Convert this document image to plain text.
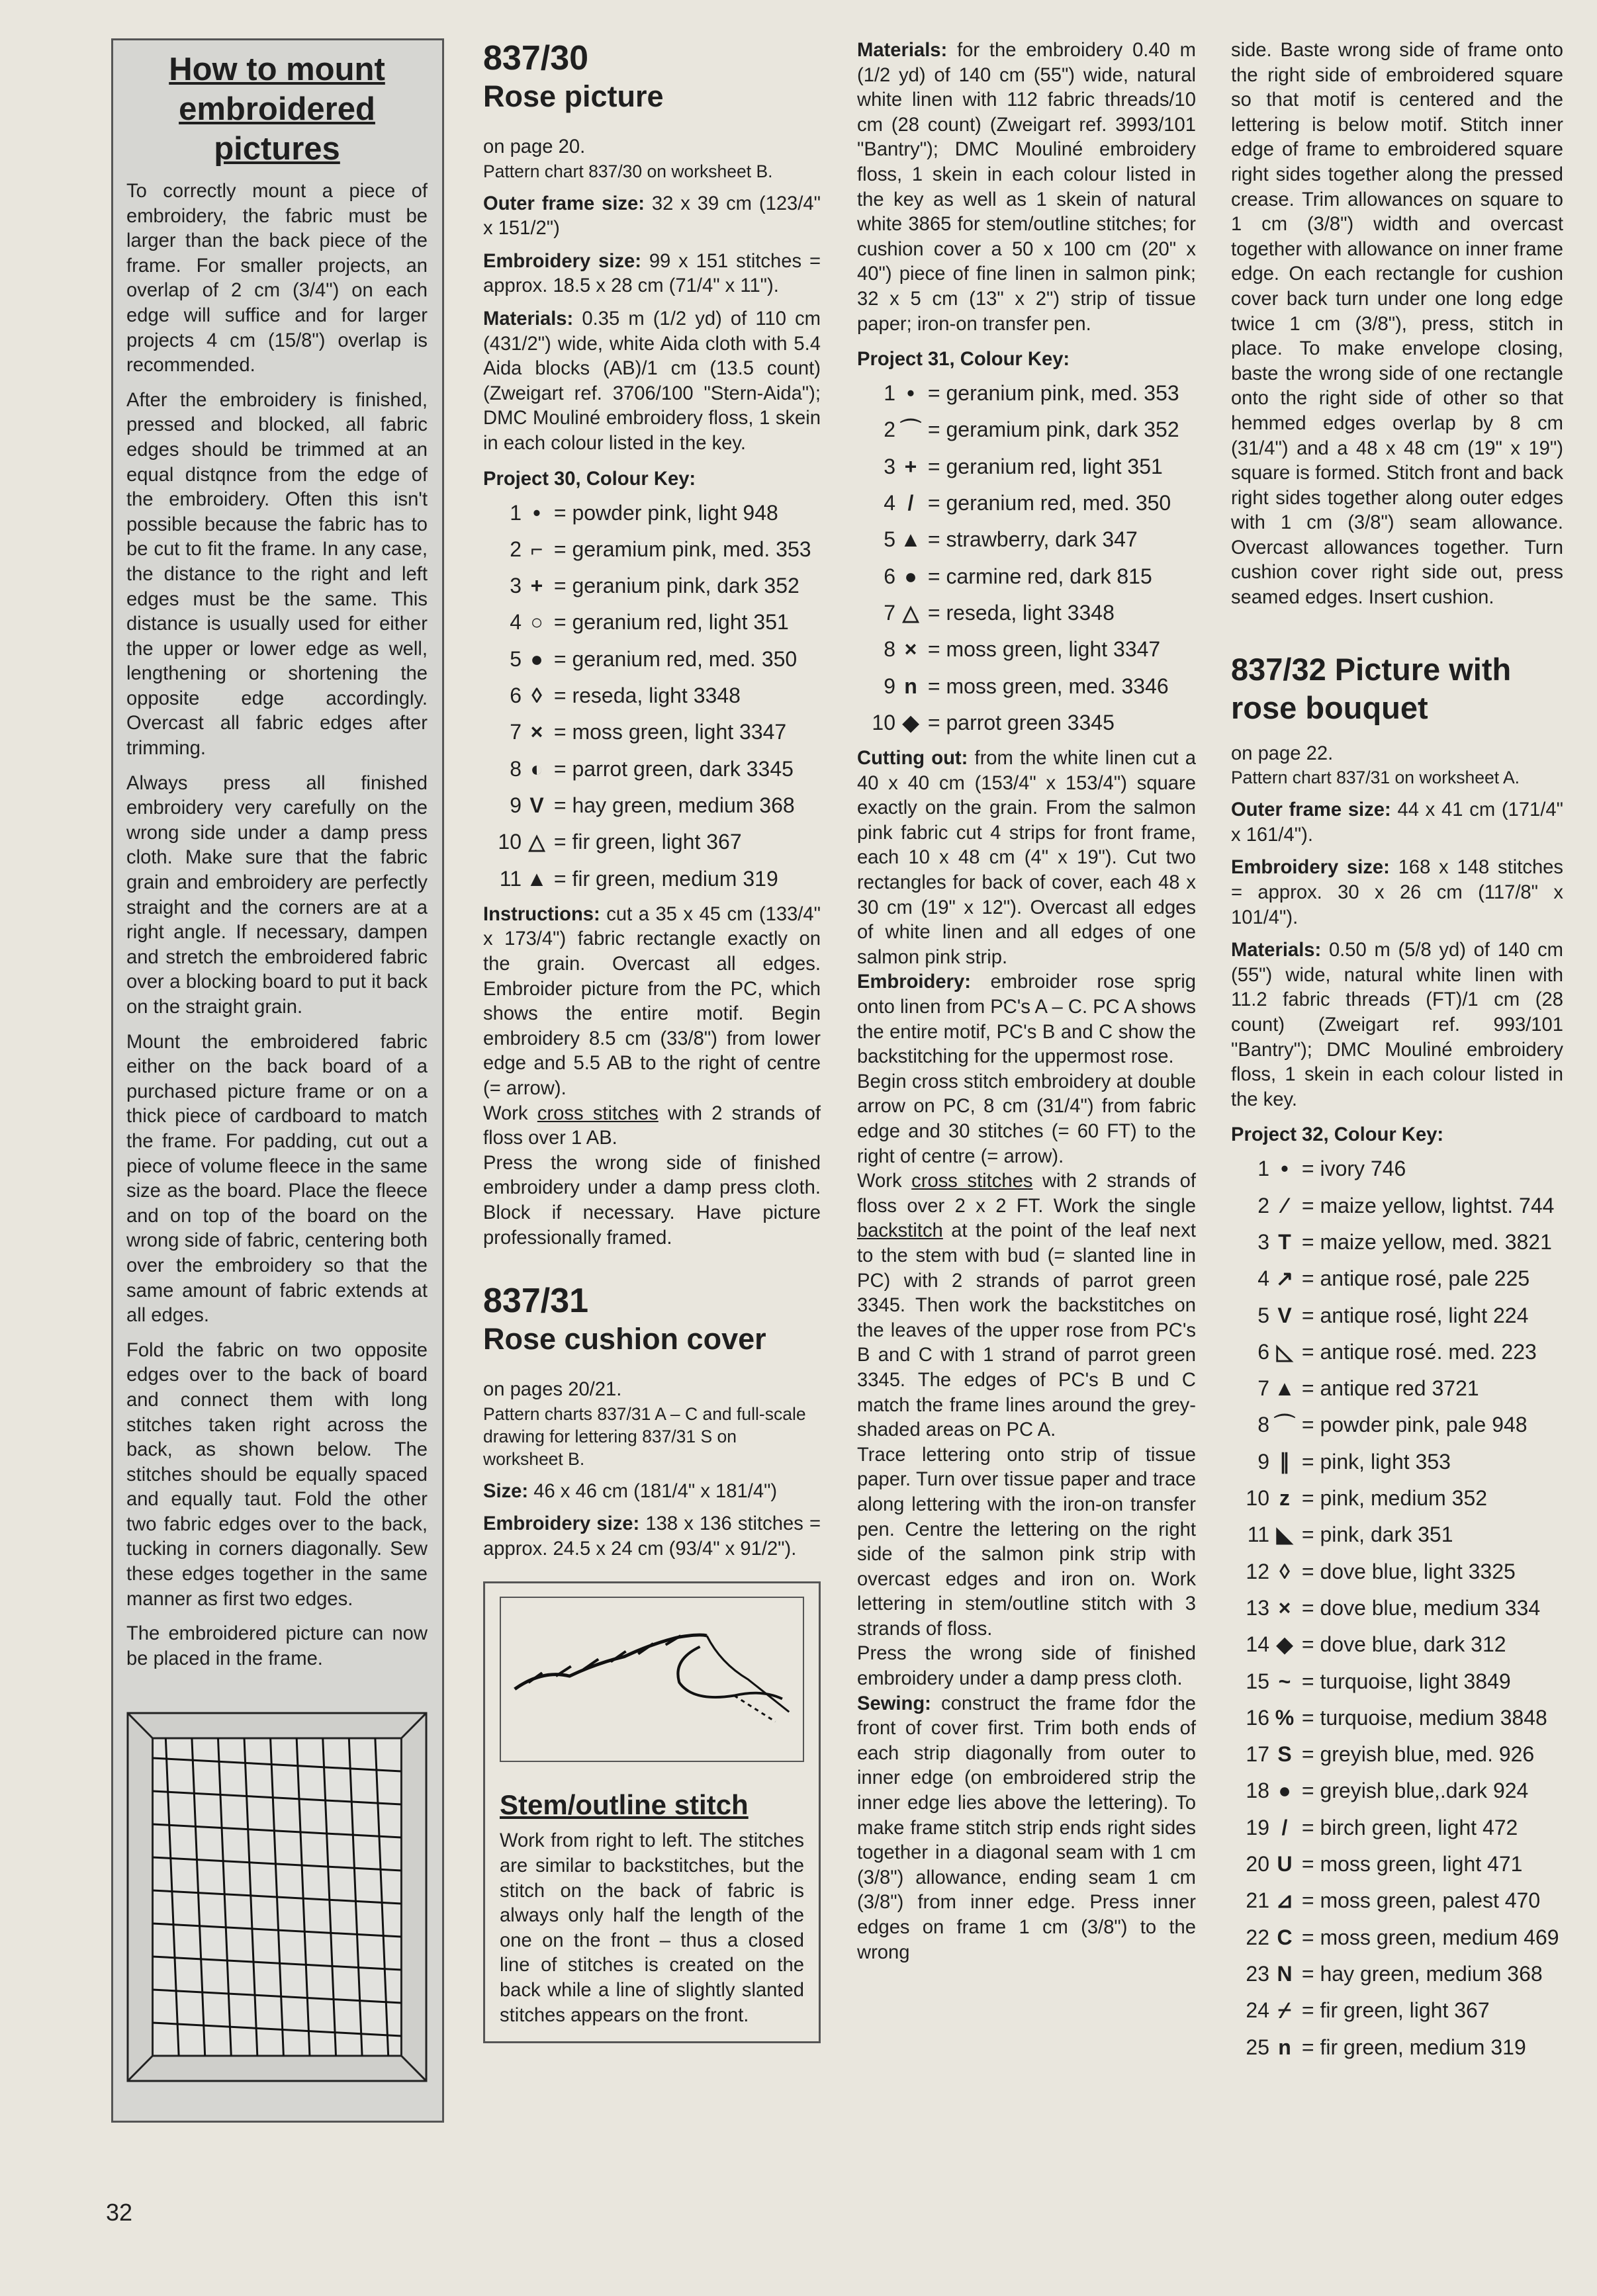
How to mount embroidered pictures

To correctly mount a piece of embroidery, the fabric must be larger than the back piece of the frame. For smaller projects, an overlap of 2 cm (3/4") on each edge will suffice and for larger projects 4 cm (15/8") overlap is recommended.

After the embroidery is finished, pressed and blocked, all fabric edges should be trimmed at an equal distqnce from the edge of the embroidery. Often this isn't possible because the fabric has to be cut to fit the frame. In any case, the distance to the right and left edges must be the same. This distance is usually used for either the upper or lower edge as well, lengthening or shortening the opposite edge accordingly. Overcast all fabric edges after trimming.

Always press all finished embroidery very carefully on the wrong side under a damp press cloth. Make sure that the fabric grain and embroidery are perfectly straight and the corners are at a right angle. If necessary, dampen and stretch the embroidered fabric over a blocking board to put it back on the straight grain.

Mount the embroidered fabric either on the back board of a purchased picture frame or on a thick piece of cardboard to match the frame. For padding, cut out a piece of volume fleece in the same size as the board. Place the fleece and on top of the board on the wrong side of fabric, centering both over the embroidery so that the same amount of fabric extends at all edges.

Fold the fabric on two opposite edges over to the back of board and connect them with long stitches taken right across the back, as shown below. The stitches should be equally spaced and equally taut. Fold the other two fabric edges over to the back, tucking in corners diagonally. Sew these edges together in the same manner as first two edges.

The embroidered picture can now be placed in the frame.

837/30
Rose picture
on page 20.
Pattern chart 837/30 on worksheet B.

Outer frame size: 32 x 39 cm (123/4" x 151/2")

Embroidery size: 99 x 151 stitches = approx. 18.5 x 28 cm (71/4" x 11").

Materials: 0.35 m (1/2 yd) of 110 cm (431/2") wide, white Aida cloth with 5.4 Aida blocks (AB)/1 cm (13.5 count) (Zweigart ref. 3706/100 "Stern-Aida"); DMC Mouliné embroidery floss, 1 skein in each colour listed in the key.

Project 30, Colour Key:
1 • = powder pink, light 948
2 ⌐ = geramium pink, med. 353
3 + = geranium pink, dark 352
4 ○ = geranium red, light 351
5 ● = geranium red, med. 350
6 ◊ = reseda, light 3348
7 × = moss green, light 3347
8 ◐ = parrot green, dark 3345
9 V = hay green, medium 368
10 △ = fir green, light 367
11 ▲ = fir green, medium 319

Instructions: cut a 35 x 45 cm (133/4" x 173/4") fabric rectangle exactly on the grain. Overcast all edges. Embroider picture from the PC, which shows the entire motif. Begin embroidery 8.5 cm (33/8") from lower edge and 5.5 AB to the right of centre (= arrow).

Work cross stitches with 2 strands of floss over 1 AB.

Press the wrong side of finished embroidery under a damp press cloth. Block if necessary. Have picture professionally framed.

837/31
Rose cushion cover
on pages 20/21.
Pattern charts 837/31 A – C and full-scale drawing for lettering 837/31 S on worksheet B.

Size: 46 x 46 cm (181/4" x 181/4")

Embroidery size: 138 x 136 stitches = approx. 24.5 x 24 cm (93/4" x 91/2").

Stem/outline stitch

Work from right to left. The stitches are similar to backstitches, but the stitch on the back of fabric is always only half the length of the one on the front – thus a closed line of stitches is created on the back while a line of slightly slanted stitches appears on the front.

Materials: for the embroidery 0.40 m (1/2 yd) of 140 cm (55") wide, natural white linen with 112 fabric threads/10 cm (28 count) (Zweigart ref. 3993/101 "Bantry"); DMC Mouliné embroidery floss, 1 skein in each colour listed in the key as well as 1 skein of natural white 3865 for stem/outline stitches; for cushion cover a 50 x 100 cm (20" x 40") piece of fine linen in salmon pink; 32 x 5 cm (13" x 2") strip of tissue paper; iron-on transfer pen.

Project 31, Colour Key:
1 • = geranium pink, med. 353
2 ⌒ = geramium pink, dark 352
3 + = geranium red, light 351
4 / = geranium red, med. 350
5 ▲ = strawberry, dark 347
6 ● = carmine red, dark 815
7 △ = reseda, light 3348
8 × = moss green, light 3347
9 n = moss green, med. 3346
10 ◆ = parrot green 3345

Cutting out: from the white linen cut a 40 x 40 cm (153/4" x 153/4") square exactly on the grain. From the salmon pink fabric cut 4 strips for front frame, each 10 x 48 cm (4" x 19"). Cut two rectangles for back of cover, each 48 x 30 cm (19" x 12"). Overcast all edges of white linen and all edges of one salmon pink strip.

Embroidery: embroider rose sprig onto linen from PC's A – C. PC A shows the entire motif, PC's B and C show the backstitching for the uppermost rose.

Begin cross stitch embroidery at double arrow on PC, 8 cm (31/4") from fabric edge and 30 stitches (= 60 FT) to the right of centre (= arrow).

Work cross stitches with 2 strands of floss over 2 x 2 FT. Work the single backstitch at the point of the leaf next to the stem with bud (= slanted line in PC) with 2 strands of parrot green 3345. Then work the backstitches on the leaves of the upper rose from PC's B and C with 1 strand of parrot green 3345. The edges of PC's B und C match the frame lines around the grey-shaded areas on PC A.

Trace lettering onto strip of tissue paper. Turn over tissue paper and trace along lettering with the iron-on transfer pen. Centre the lettering on the right side of the salmon pink strip with overcast edges and iron on. Work lettering in stem/outline stitch with 3 strands of floss.

Press the wrong side of finished embroidery under a damp press cloth.

Sewing: construct the frame fdor the front of cover first. Trim both ends of each strip diagonally from outer to inner edge (on embroidered strip the inner edge lies above the lettering). To make frame stitch strip ends right sides together in a diagonal seam with 1 cm (3/8") allowance, ending seam 1 cm (3/8") from inner edge. Press inner edges on frame 1 cm (3/8") to the wrong

side. Baste wrong side of frame onto the right side of embroidered square so that motif is centered and the lettering is below motif. Stitch inner edge of frame to embroidered square right sides together along the pressed crease. Trim allowances on square to 1 cm (3/8") width and overcast together with allowance on inner frame edge. On each rectangle for cushion cover back turn under one long edge twice 1 cm (3/8"), press, stitch in place. To make envelope closing, baste the wrong side of one rectangle onto the right side of other so that hemmed edges overlap by 8 cm (31/4") and a 48 x 48 cm (19" x 19") square is formed. Stitch front and back right sides together along outer edges with 1 cm (3/8") seam allowance. Overcast allowances together. Turn cushion cover right side out, press seamed edges. Insert cushion.

837/32 Picture with rose bouquet
on page 22.
Pattern chart 837/31 on worksheet A.

Outer frame size: 44 x 41 cm (171/4" x 161/4").

Embroidery size: 168 x 148 stitches = approx. 30 x 26 cm (117/8" x 101/4").

Materials: 0.50 m (5/8 yd) of 140 cm (55") wide, natural white linen with 11.2 fabric threads (FT)/1 cm (28 count) (Zweigart ref. 993/101 "Bantry"); DMC Mouliné embroidery floss, 1 skein in each colour listed in the key.

Project 32, Colour Key:
1 • = ivory 746
2 ⁄ = maize yellow, lightst. 744
3 T = maize yellow, med. 3821
4 ↗ = antique rosé, pale 225
5 V = antique rosé, light 224
6 ◺ = antique rosé. med. 223
7 ▲ = antique red 3721
8 ⌒ = powder pink, pale 948
9 ∥ = pink, light 353
10 z = pink, medium 352
11 ◣ = pink, dark 351
12 ◊ = dove blue, light 3325
13 × = dove blue, medium 334
14 ◆ = dove blue, dark 312
15 ~ = turquoise, light 3849
16 % = turquoise, medium 3848
17 S = greyish blue, med. 926
18 ● = greyish blue,.dark 924
19 / = birch green, light 472
20 U = moss green, light 471
21 ⊿ = moss green, palest 470
22 C = moss green, medium 469
23 N = hay green, medium 368
24 ⌿ = fir green, light 367
25 n = fir green, medium 319
32
